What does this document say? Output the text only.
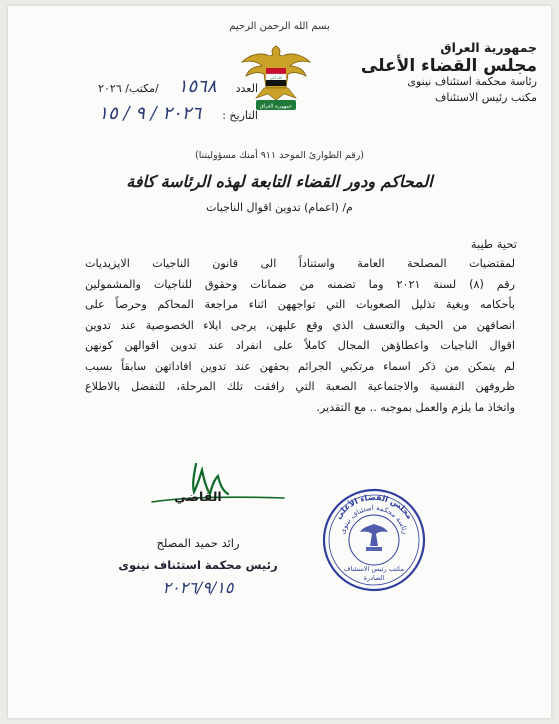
بسم الله الرحمن الرحيم
جمهورية العراق
مجلس القضاء الأعلى
رئاسة محكمة استئناف نينوى
مكتب رئيس الاستئناف
الله أكبر
جمهورية العراق
العدد ١٥٦٨ /مكتب/ ٢٠٢٦
التاريخ : ٢٠٢٦ / ٩ / ١٥
(رقم الطوارئ الموحد ٩١١ أمنك مسؤوليتنا)
المحاكم ودور القضاء التابعة لهذه الرئاسة كافة
م/ (اعمام) تدوين اقوال الناجيات
تحية طيبة
لمقتضيات المصلحة العامة واستناداً الى قانون الناجيات الايزيديات
رقم (٨) لسنة ٢٠٢١ وما تضمنه من ضمانات وحقوق للناجيات والمشمولين
بأحكامه وبغية تذليل الصعوبات التي تواجههن اثناء مراجعة المحاكم وحرصاً على
انصافهن من الحيف والتعسف الذي وقع عليهن، يرجى ايلاء الخصوصية عند تدوين
اقوال الناجيات واعطاؤهن المجال كاملاً على انفراد عند تدوين اقوالهن كونهن
لم يتمكن من ذكر اسماء مرتكبي الجرائم بحقهن عند تدوين افاداتهن سابقاً بسبب
ظروفهن النفسية والاجتماعية الصعبة التي رافقت تلك المرحلة، للتفضل بالاطلاع
واتخاذ ما يلزم والعمل بموجبه .. مع التقدير.
القاضي
رائد حميد المصلح
رئيس محكمة استئناف نينوى
٢٠٢٦/٩/١٥
مجلس القضاء الأعلى
رئاسة محكمة استئناف نينوى
مكتب رئيس الاستئناف
الصادرة
